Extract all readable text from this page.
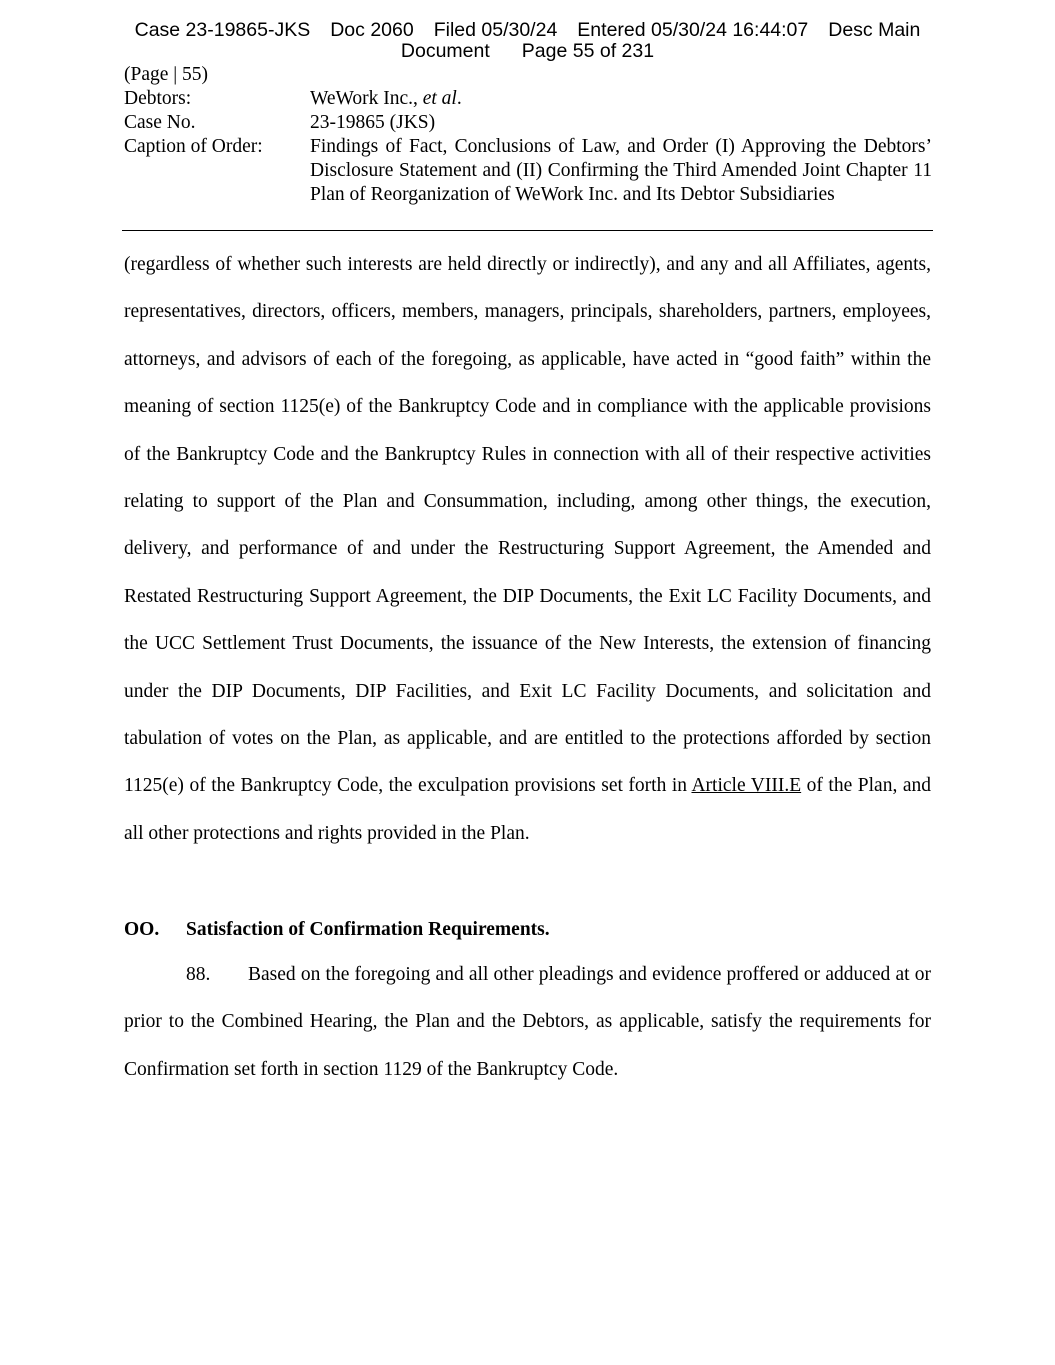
Case 23-19865-JKS Doc 2060 Filed 05/30/24 Entered 05/30/24 16:44:07 Desc Main
Document Page 55 of 231
(Page | 55)
Debtors:	WeWork Inc., et al.
Case No.	23-19865 (JKS)
Caption of Order:	Findings of Fact, Conclusions of Law, and Order (I) Approving the Debtors’ Disclosure Statement and (II) Confirming the Third Amended Joint Chapter 11 Plan of Reorganization of WeWork Inc. and Its Debtor Subsidiaries

(regardless of whether such interests are held directly or indirectly), and any and all Affiliates, agents, representatives, directors, officers, members, managers, principals, shareholders, partners, employees, attorneys, and advisors of each of the foregoing, as applicable, have acted in “good faith” within the meaning of section 1125(e) of the Bankruptcy Code and in compliance with the applicable provisions of the Bankruptcy Code and the Bankruptcy Rules in connection with all of their respective activities relating to support of the Plan and Consummation, including, among other things, the execution, delivery, and performance of and under the Restructuring Support Agreement, the Amended and Restated Restructuring Support Agreement, the DIP Documents, the Exit LC Facility Documents, and the UCC Settlement Trust Documents, the issuance of the New Interests, the extension of financing under the DIP Documents, DIP Facilities, and Exit LC Facility Documents, and solicitation and tabulation of votes on the Plan, as applicable, and are entitled to the protections afforded by section 1125(e) of the Bankruptcy Code, the exculpation provisions set forth in Article VIII.E of the Plan, and all other protections and rights provided in the Plan.

OO. Satisfaction of Confirmation Requirements.

88. Based on the foregoing and all other pleadings and evidence proffered or adduced at or prior to the Combined Hearing, the Plan and the Debtors, as applicable, satisfy the requirements for Confirmation set forth in section 1129 of the Bankruptcy Code.
